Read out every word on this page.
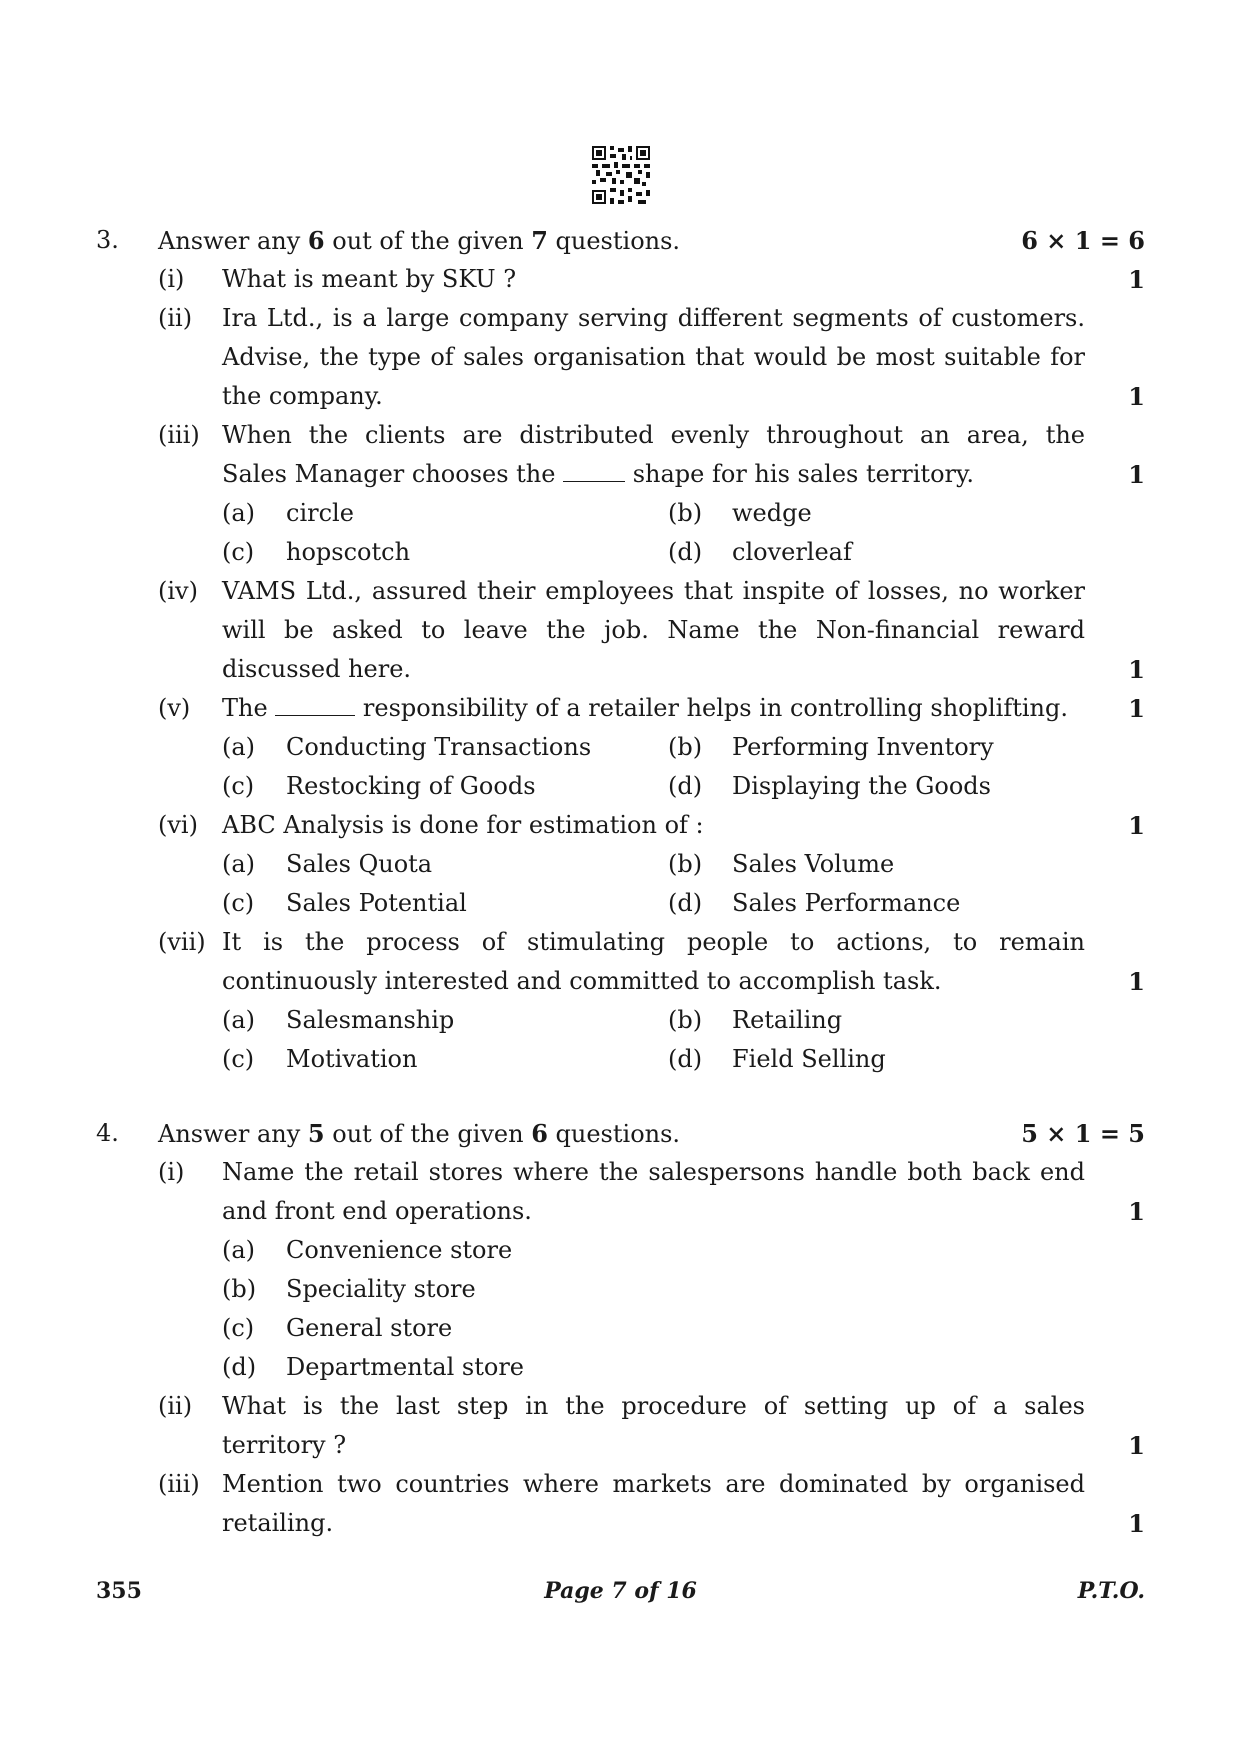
3. Answer any 6 out of the given 7 questions.	6 × 1 = 6
(i) What is meant by SKU ?	1
(ii) Ira Ltd., is a large company serving different segments of customers.
Advise, the type of sales organisation that would be most suitable for
the company.	1
(iii) When the clients are distributed evenly throughout an area, the
Sales Manager chooses the	shape for his sales territory.	1
(a) circle	(b) wedge
(c) hopscotch	(d) cloverleaf
(iv) VAMS Ltd., assured their employees that inspite of losses, no worker
will be asked to leave the job. Name the Non-financial reward
discussed here.	1
(v) The	responsibility of a retailer helps in controlling shoplifting.	1
(a) Conducting Transactions	(b) Performing Inventory
(c) Restocking of Goods	(d) Displaying the Goods
(vi) ABC Analysis is done for estimation of :	1
(a) Sales Quota	(b) Sales Volume
(c) Sales Potential	(d) Sales Performance
(vii) It is the process of stimulating people to actions, to remain
continuously interested and committed to accomplish task.	1
(a) Salesmanship	(b) Retailing
(c) Motivation	(d) Field Selling
4. Answer any 5 out of the given 6 questions.	5 × 1 = 5
(i) Name the retail stores where the salespersons handle both back end
and front end operations.	1
(a) Convenience store
(b) Speciality store
(c) General store
(d) Departmental store
(ii) What is the last step in the procedure of setting up of a sales
territory ?	1
(iii) Mention two countries where markets are dominated by organised
retailing.	1
355	Page 7 of 16	P.T.O.
